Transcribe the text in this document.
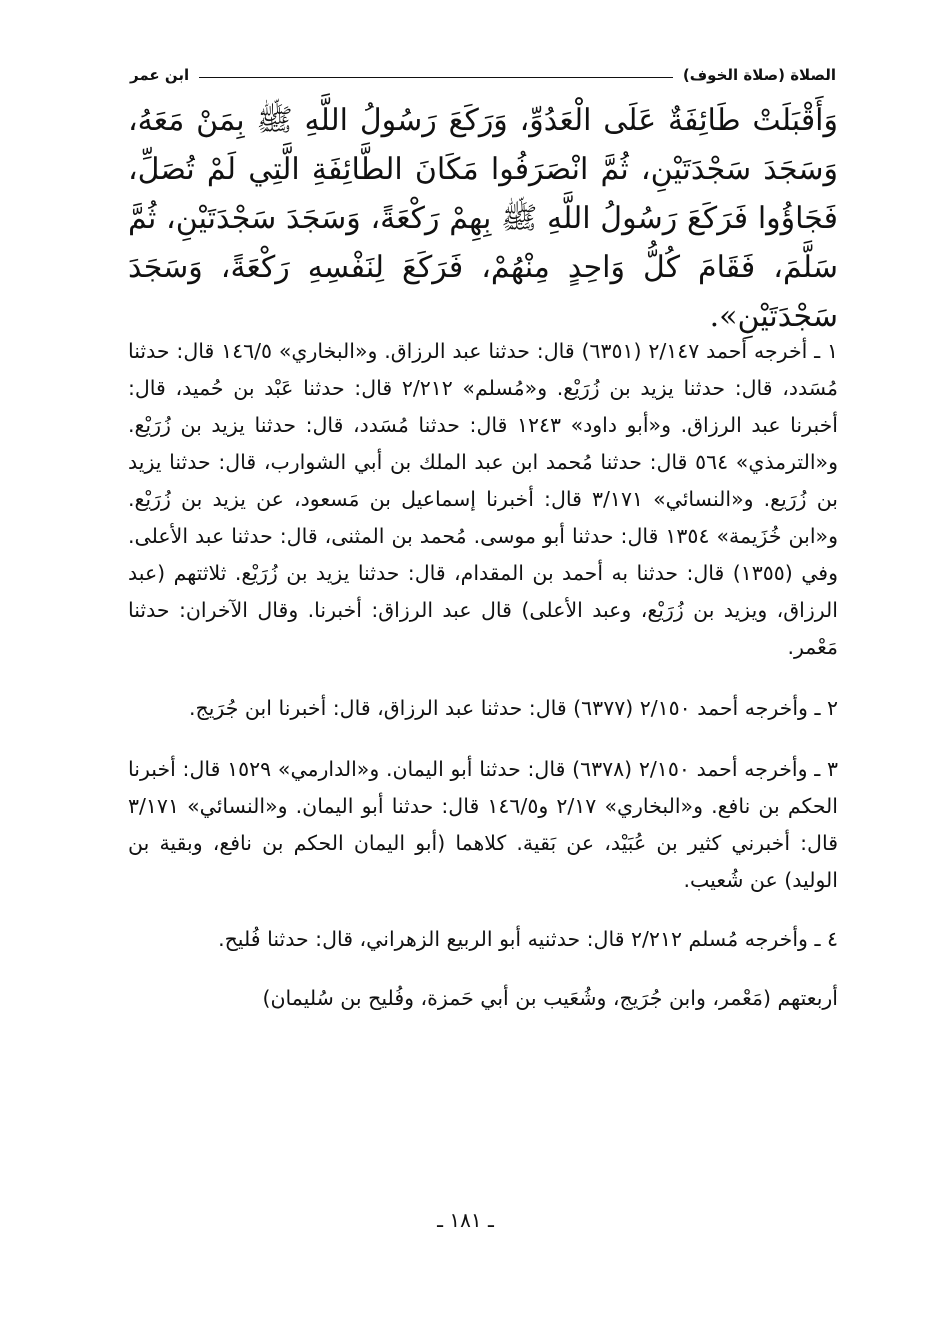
الصلاة (صلاة الخوف)
ابن عمر

وَأَقْبَلَتْ طَائِفَةٌ عَلَى الْعَدُوِّ، وَرَكَعَ رَسُولُ اللَّهِ ﷺ بِمَنْ مَعَهُ، وَسَجَدَ سَجْدَتَيْنِ، ثُمَّ انْصَرَفُوا مَكَانَ الطَّائِفَةِ الَّتِي لَمْ تُصَلِّ، فَجَاؤُوا فَرَكَعَ رَسُولُ اللَّهِ ﷺ بِهِمْ رَكْعَةً، وَسَجَدَ سَجْدَتَيْنِ، ثُمَّ سَلَّمَ، فَقَامَ كُلُّ وَاحِدٍ مِنْهُمْ، فَرَكَعَ لِنَفْسِهِ رَكْعَةً، وَسَجَدَ سَجْدَتَيْنِ».

١ ـ أخرجه أحمد ٢/١٤٧ (٦٣٥١) قال: حدثنا عبد الرزاق. و«البخاري» ١٤٦/٥ قال: حدثنا مُسَدد، قال: حدثنا يزيد بن زُرَيْع. و«مُسلم» ٢/٢١٢ قال: حدثنا عَبْد بن حُميد، قال: أخبرنا عبد الرزاق. و«أبو داود» ١٢٤٣ قال: حدثنا مُسَدد، قال: حدثنا يزيد بن زُرَيْع. و«الترمذي» ٥٦٤ قال: حدثنا مُحمد ابن عبد الملك بن أبي الشوارب، قال: حدثنا يزيد بن زُرَيع. و«النسائي» ٣/١٧١ قال: أخبرنا إسماعيل بن مَسعود، عن يزيد بن زُرَيْع. و«ابن خُزَيمة» ١٣٥٤ قال: حدثنا أبو موسى. مُحمد بن المثنى، قال: حدثنا عبد الأعلى. وفي (١٣٥٥) قال: حدثنا به أحمد بن المقدام، قال: حدثنا يزيد بن زُرَيْع. ثلاثتهم (عبد الرزاق، ويزيد بن زُرَيْع، وعبد الأعلى) قال عبد الرزاق: أخبرنا. وقال الآخران: حدثنا مَعْمر.

٢ ـ وأخرجه أحمد ٢/١٥٠ (٦٣٧٧) قال: حدثنا عبد الرزاق، قال: أخبرنا ابن جُرَيج.

٣ ـ وأخرجه أحمد ٢/١٥٠ (٦٣٧٨) قال: حدثنا أبو اليمان. و«الدارمي» ١٥٢٩ قال: أخبرنا الحكم بن نافع. و«البخاري» ٢/١٧ و١٤٦/٥ قال: حدثنا أبو اليمان. و«النسائي» ٣/١٧١ قال: أخبرني كثير بن عُبَيْد، عن بَقية. كلاهما (أبو اليمان الحكم بن نافع، وبقية بن الوليد) عن شُعيب.

٤ ـ وأخرجه مُسلم ٢/٢١٢ قال: حدثنيه أبو الربيع الزهراني، قال: حدثنا فُليح.

أربعتهم (مَعْمر، وابن جُرَيج، وشُعَيب بن أبي حَمزة، وفُليح بن سُليمان)

ـ ١٨١ ـ
